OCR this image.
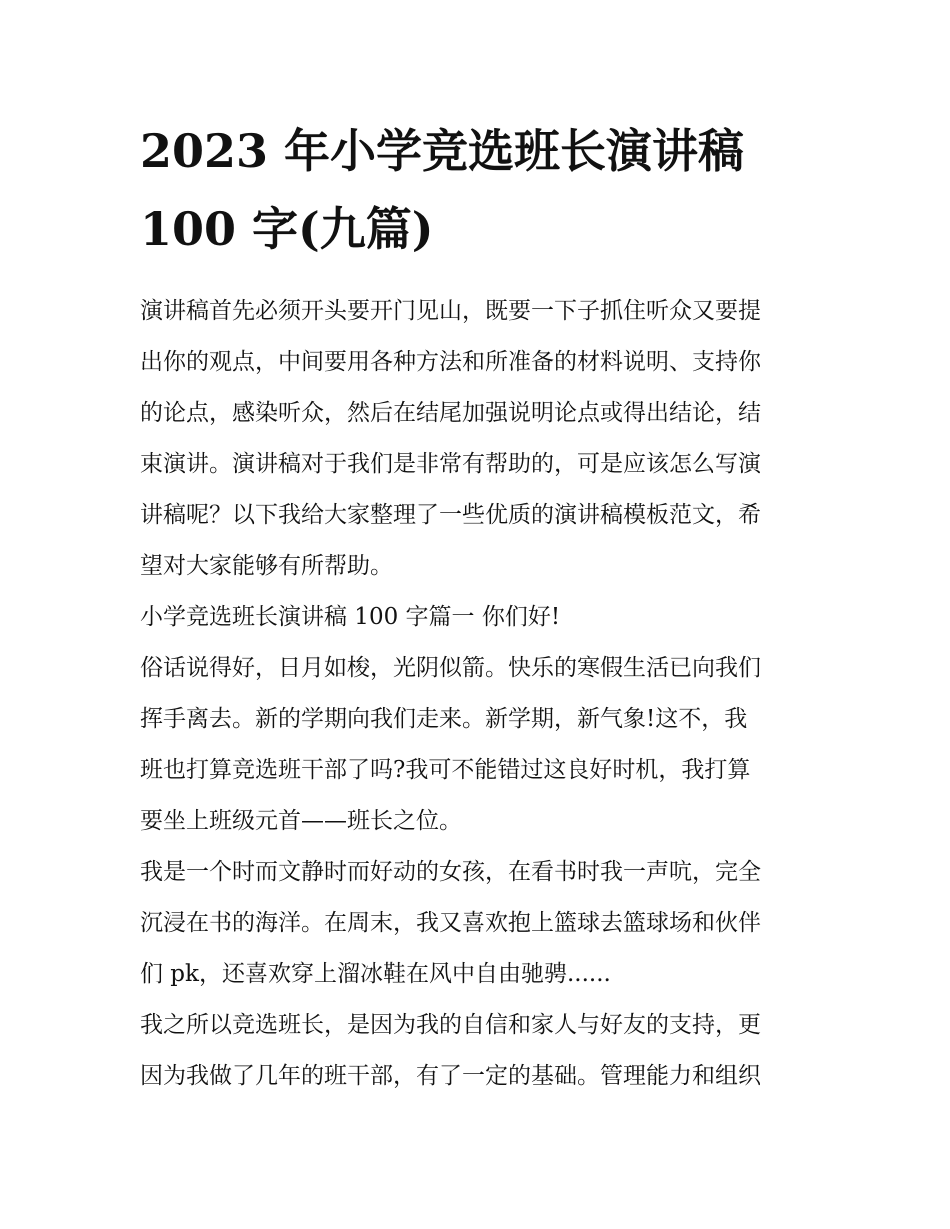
2023 年小学竞选班长演讲稿
100 字(九篇)

演讲稿首先必须开头要开门见山，既要一下子抓住听众又要提
出你的观点，中间要用各种方法和所准备的材料说明、支持你
的论点，感染听众，然后在结尾加强说明论点或得出结论，结
束演讲。演讲稿对于我们是非常有帮助的，可是应该怎么写演
讲稿呢？以下我给大家整理了一些优质的演讲稿模板范文，希
望对大家能够有所帮助。

小学竞选班长演讲稿 100 字篇一 你们好!

俗话说得好，日月如梭，光阴似箭。快乐的寒假生活已向我们
挥手离去。新的学期向我们走来。新学期，新气象!这不，我
班也打算竞选班干部了吗?我可不能错过这良好时机，我打算
要坐上班级元首——班长之位。

我是一个时而文静时而好动的女孩，在看书时我一声吭，完全
沉浸在书的海洋。在周末，我又喜欢抱上篮球去篮球场和伙伴
们 pk，还喜欢穿上溜冰鞋在风中自由驰骋......

我之所以竞选班长，是因为我的自信和家人与好友的支持，更
因为我做了几年的班干部，有了一定的基础。管理能力和组织
